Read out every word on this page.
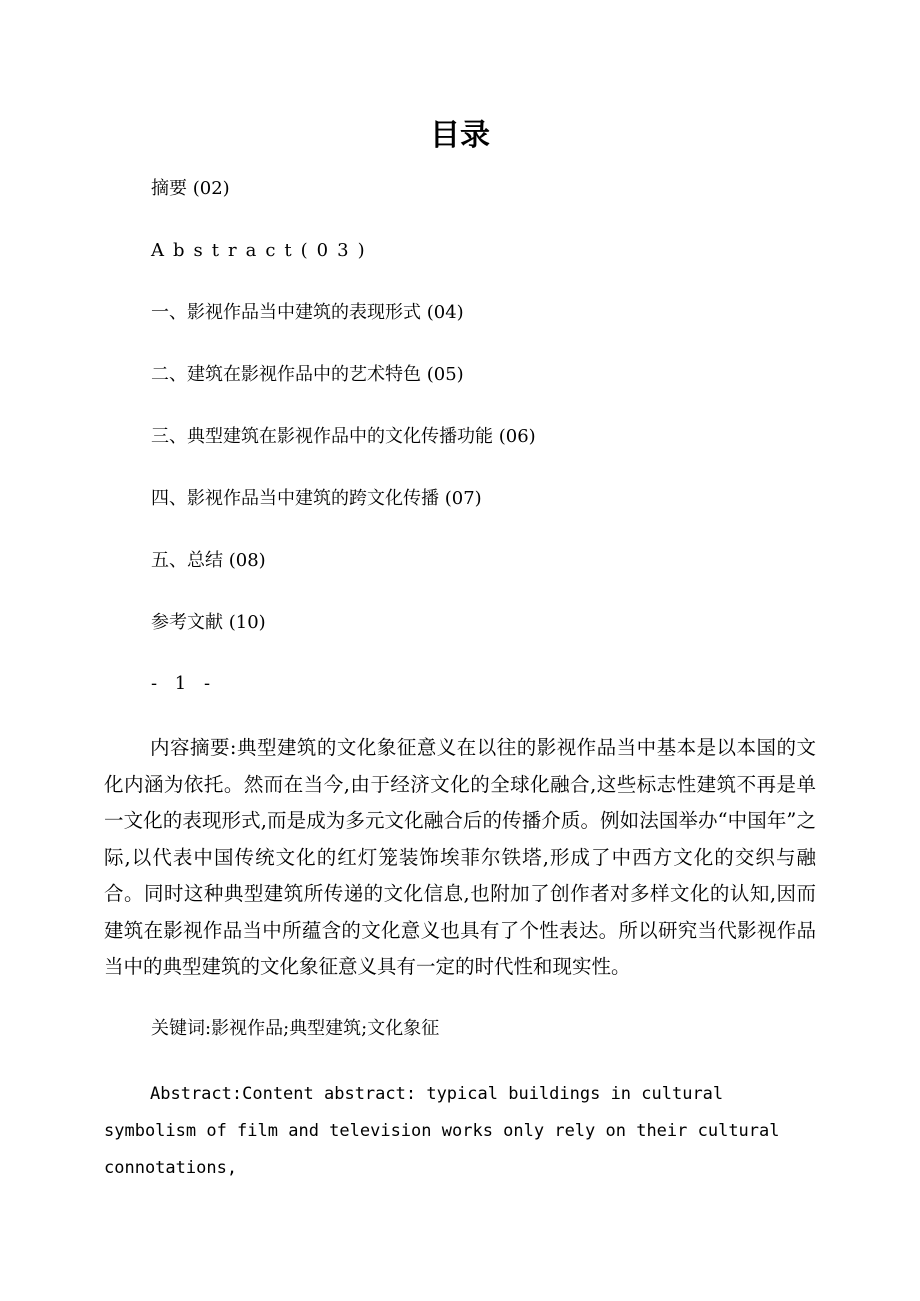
目录
摘要 (02)
Abstract(03)
一、影视作品当中建筑的表现形式 (04)
二、建筑在影视作品中的艺术特色 (05)
三、典型建筑在影视作品中的文化传播功能 (06)
四、影视作品当中建筑的跨文化传播 (07)
五、总结 (08)
参考文献 (10)
- 1 -

内容摘要:典型建筑的文化象征意义在以往的影视作品当中基本是以本国的文化内涵为依托。然而在当今,由于经济文化的全球化融合,这些标志性建筑不再是单一文化的表现形式,而是成为多元文化融合后的传播介质。例如法国举办“中国年”之际,以代表中国传统文化的红灯笼装饰埃菲尔铁塔,形成了中西方文化的交织与融合。同时这种典型建筑所传递的文化信息,也附加了创作者对多样文化的认知,因而建筑在影视作品当中所蕴含的文化意义也具有了个性表达。所以研究当代影视作品当中的典型建筑的文化象征意义具有一定的时代性和现实性。

关键词:影视作品;典型建筑;文化象征

Abstract:Content abstract: typical buildings in cultural symbolism of film and television works only rely on their cultural connotations,
